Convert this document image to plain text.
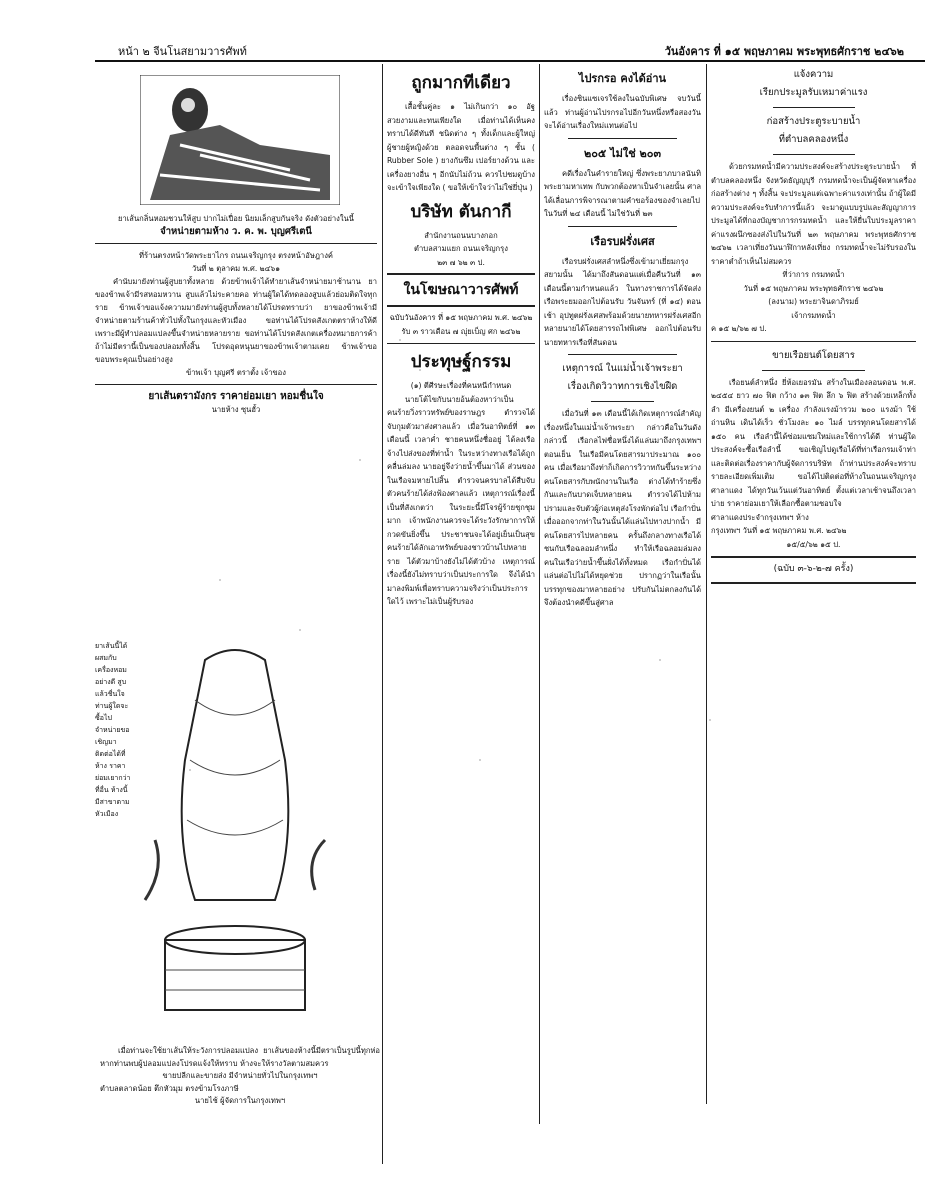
หน้า ๒ จีนโนสยามวารศัพท์	วันอังคาร ที่ ๑๕ พฤษภาคม พระพุทธศักราช ๒๔๖๒
ยาเส้นกลิ่นหอมชวนให้สูบ ปากไม่เปื่อย นิยมเล็กสูบกันจริง ดังตัวอย่างในนี้
จำหน่ายตามห้าง ว. ค. พ. บุญศรีเตนี
ที่ร้านตรงหน้าวัดพระยาไกร ถนนเจริญกรุง ตรงหน้าอัษฎางค์
วันที่ ๒ ตุลาคม พ.ศ. ๒๔๖๑

คำนับมายังท่านผู้สูบยาทั้งหลาย ด้วยข้าพเจ้าได้ทำยาเส้นจำหน่ายมาช้านาน ยาของข้าพเจ้ามีรสหอมหวาน สูบแล้วไม่ระคายคอ ท่านผู้ใดได้ทดลองสูบแล้วย่อมติดใจทุกราย ข้าพเจ้าขอแจ้งความมายังท่านผู้สูบทั้งหลายได้โปรดทราบว่า ยาของข้าพเจ้ามีจำหน่ายตามร้านค้าทั่วไปทั้งในกรุงและหัวเมือง ขอท่านได้โปรดสังเกตตราห้างให้ดี เพราะมีผู้ทำปลอมแปลงขึ้นจำหน่ายหลายราย ขอท่านได้โปรดสังเกตเครื่องหมายการค้า ถ้าไม่มีตรานี้เป็นของปลอมทั้งสิ้น โปรดอุดหนุนยาของข้าพเจ้าตามเคย ข้าพเจ้าขอขอบพระคุณเป็นอย่างสูง

ข้าพเจ้า บุญศรี ตราตั้ง เจ้าของ
ยาเส้นตรามังกร ราคาย่อมเยา หอมชื่นใจ
นายห้าง ซุนฮั้ว
ยาเส้นนี้ได้ผสมกับเครื่องหอมอย่างดี สูบแล้วชื่นใจ ท่านผู้ใดจะซื้อไปจำหน่ายขอเชิญมาติดต่อได้ที่ห้าง ราคาย่อมเยากว่าที่อื่น ห้างนี้มีสาขาตามหัวเมือง

เมื่อท่านจะใช้ยาเส้นให้ระวังการปลอมแปลง ยาเส้นของห้างนี้มีตราเป็นรูปนี้ทุกห่อ หากท่านพบผู้ปลอมแปลงโปรดแจ้งให้ทราบ ห้างจะให้รางวัลตามสมควร

ขายปลีกและขายส่ง มีจำหน่ายทั่วไปในกรุงเทพฯ
ตำบลตลาดน้อย ตึกหัวมุม ตรงข้ามโรงภาษี
นายไช้ ผู้จัดการในกรุงเทพฯ
ถูกมากทีเดียว

เสื้อชั้นคู่ละ ๑ ไม่เกินกว่า ๑๐ อัฐ สวยงามและทนเพียงใด เมื่อท่านได้เห็นคงทราบได้ดีทันที ชนิดต่าง ๆ ทั้งเด็กและผู้ใหญ่ ผู้ชายผู้หญิงด้วย ตลอดจนพื้นต่าง ๆ ชั้น ( Rubber Sole ) ยางกันซึม เปอร์ยางด้วน และเครื่องยางอื่น ๆ อีกนับไม่ถ้วน ควรไปชมดูบ้าง จะเข้าใจเพียงใด ( ขอให้เข้าใจว่าไม่ใช่ยี่ปุ่น )

บริษัท ตันกากี
สำนักงานถนนบางกอก
ตำบลสามแยก ถนนเจริญกรุง
๒๓ ๗ ๖๒ ๓ ป.
ในโฆษณาวารศัพท์
ฉบับวันอังคาร ที่ ๑๕ พฤษภาคม พ.ศ. ๒๔๖๒
รับ ๓ ราวเดือน ๗ ญุ่ยเบ็ญ ศก ๒๔๖๒
ประทุษฐ์กรรม
(๑) ตีศีรษะเรื่องที่คนหนีกำหนด

นายโต้ไขกับนายอ้นต้องหาว่าเป็นคนร้ายวิ่งราวทรัพย์ของราษฎร ตำรวจได้จับกุมตัวมาส่งศาลแล้ว เมื่อวันอาทิตย์ที่ ๑๓ เดือนนี้ เวลาค่ำ ชายคนหนึ่งชื่ออยู่ ได้ลงเรือจ้างไปส่งของที่ท่าน้ำ ในระหว่างทางเรือได้ถูกคลื่นล่มลง นายอยู่จึงว่ายน้ำขึ้นมาได้ ส่วนของในเรือจมหายไปสิ้น ตำรวจนครบาลได้สืบจับตัวคนร้ายได้ส่งฟ้องศาลแล้ว เหตุการณ์เรื่องนี้เป็นที่สังเกตว่า ในระยะนี้มีโจรผู้ร้ายชุกชุมมาก เจ้าพนักงานควรจะได้ระวังรักษาการให้กวดขันยิ่งขึ้น ประชาชนจะได้อยู่เย็นเป็นสุข คนร้ายได้ลักเอาทรัพย์ของชาวบ้านไปหลายราย ได้ตัวมาบ้างยังไม่ได้ตัวบ้าง เหตุการณ์เรื่องนี้ยังไม่ทราบว่าเป็นประการใด จึงได้นำมาลงพิมพ์เพื่อทราบความจริงว่าเป็นประการใดไว้ เพราะไม่เป็นผู้รับรอง

ไปรกรอ คงได้อ่าน

เรื่องชินแซเจรใช้ลงในฉบับพิเศษ จบวันนี้แล้ว ท่านผู้อ่านไปรกรอไปอีกวันหนึ่งหรือสองวัน จะได้อ่านเรื่องใหม่แทนต่อไป

๒๐๕ ไม่ใช่ ๒๐๓

คดีเรื่องในคำรายใหญ่ ซึ่งพระยาภบาลนันทิ พระยามหาเทพ กับพวกต้องหาเป็นจำเลยนั้น ศาลได้เลื่อนการพิจารณาตามคำขอร้องของจำเลยไปในวันที่ ๒๔ เดือนนี้ ไม่ใช่วันที่ ๒๓

เรือรบฝรั่งเศส

เรือรบฝรั่งเศสลำหนึ่งซึ่งเข้ามาเยี่ยมกรุงสยามนั้น ได้มาถึงสันดอนแต่เมื่อคืนวันที่ ๑๓ เดือนนี้ตามกำหนดแล้ว ในทางราชการได้จัดส่งเรือพระยมออกไปต้อนรับ วันจันทร์ (ที่ ๑๔) ตอนเช้า อุปทูตฝรั่งเศสพร้อมด้วยนายทหารฝรั่งเศสอีกหลายนายได้โดยสารรถไฟพิเศษ ออกไปต้อนรับนายทหารเรือที่สันดอน

เหตุการณ์ ในแม่น้ำเจ้าพระยา
เรื่องเกิดวิวาทการเชิงไขฝืด

เมื่อวันที่ ๑๓ เดือนนี้ได้เกิดเหตุการณ์สำคัญเรื่องหนึ่งในแม่น้ำเจ้าพระยา กล่าวคือในวันดังกล่าวนี้ เรือกลไฟชื่อหนึ่งได้แล่นมาถึงกรุงเทพฯ ตอนเย็น ในเรือมีคนโดยสารมาประมาณ ๑๐๐ คน เมื่อเรือมาถึงท่าก็เกิดการวิวาทกันขึ้นระหว่างคนโดยสารกับพนักงานในเรือ ต่างได้ทำร้ายซึ่งกันและกันบาดเจ็บหลายคน ตำรวจได้ไปห้ามปรามและจับตัวผู้ก่อเหตุส่งโรงพักต่อไป เรือกำปั่นเมื่อออกจากท่าในวันนั้นได้แล่นไปทางปากน้ำ มีคนโดยสารไปหลายคน ครั้นถึงกลางทางเรือได้ชนกับเรือฉลอมลำหนึ่ง ทำให้เรือฉลอมล่มลง คนในเรือว่ายน้ำขึ้นฝั่งได้ทั้งหมด เรือกำปั่นได้แล่นต่อไปไม่ได้หยุดช่วย ปรากฏว่าในเรือนั้นบรรทุกของมาหลายอย่าง ปรับกันไม่ตกลงกันได้จึงต้องนำคดีขึ้นสู่ศาล

แจ้งความ
เรียกประมูลรับเหมาค่าแรง
ก่อสร้างประตูระบายน้ำ
ที่ตำบลคลองหนึ่ง

ด้วยกรมทดน้ำมีความประสงค์จะสร้างประตูระบายน้ำ ที่ตำบลคลองหนึ่ง จังหวัดธัญญบุรี กรมทดน้ำจะเป็นผู้จัดหาเครื่องก่อสร้างต่าง ๆ ทั้งสิ้น จะประมูลแต่เฉพาะค่าแรงเท่านั้น ถ้าผู้ใดมีความประสงค์จะรับทำการนี้แล้ว จะมาดูแบบรูปและสัญญาการประมูลได้ที่กองบัญชาการกรมทดน้ำ และให้ยื่นใบประมูลราคาค่าแรงผนึกซองส่งไปในวันที่ ๒๓ พฤษภาคม พระพุทธศักราช ๒๔๖๒ เวลาเที่ยงวันนาฬิกาหลังเที่ยง กรมทดน้ำจะไม่รับรองในราคาต่ำถ้าเห็นไม่สมควร

ที่ว่าการ กรมทดน้ำ
วันที่ ๑๕ พฤษภาคม พระพุทธศักราช ๒๔๖๒
(ลงนาม) พระยาจินดาภิรมย์
เจ้ากรมทดน้ำ
ค ๑๕ ๒/๖๒ ๗ ป.
ขายเรือยนต์โดยสาร

เรือยนต์ลำหนึ่ง ยี่ห้อเยอรมัน สร้างในเมืองลอนดอน พ.ศ. ๒๔๕๔ ยาว ๗๐ ฟิต กว้าง ๑๓ ฟิต ลึก ๖ ฟิต สร้างด้วยเหล็กทั้งลำ มีเครื่องยนต์ ๒ เครื่อง กำลังแรงม้ารวม ๒๐๐ แรงม้า ใช้ถ่านหิน เดินได้เร็ว ชั่วโมงละ ๑๐ ไมล์ บรรทุกคนโดยสารได้ ๑๕๐ คน เรือลำนี้ได้ซ่อมแซมใหม่และใช้การได้ดี ท่านผู้ใดประสงค์จะซื้อเรือลำนี้ ขอเชิญไปดูเรือได้ที่ท่าเรือกรมเจ้าท่า และติดต่อเรื่องราคากับผู้จัดการบริษัท ถ้าท่านประสงค์จะทราบรายละเอียดเพิ่มเติม ขอได้ไปติดต่อที่ห้างในถนนเจริญกรุง ศาลาแดง ได้ทุกวันเว้นแต่วันอาทิตย์ ตั้งแต่เวลาเช้าจนถึงเวลาบ่าย ราคาย่อมเยาให้เลือกซื้อตามชอบใจ

ศาลาแดงประจำกรุงเทพฯ ห้าง
กรุงเทพฯ วันที่ ๑๕ พฤษภาคม พ.ศ. ๒๔๖๒
๑๕/๕/๖๒ ๑๕ ป.
(ฉบับ ๓-๖-๒-๗ ครั้ง)
